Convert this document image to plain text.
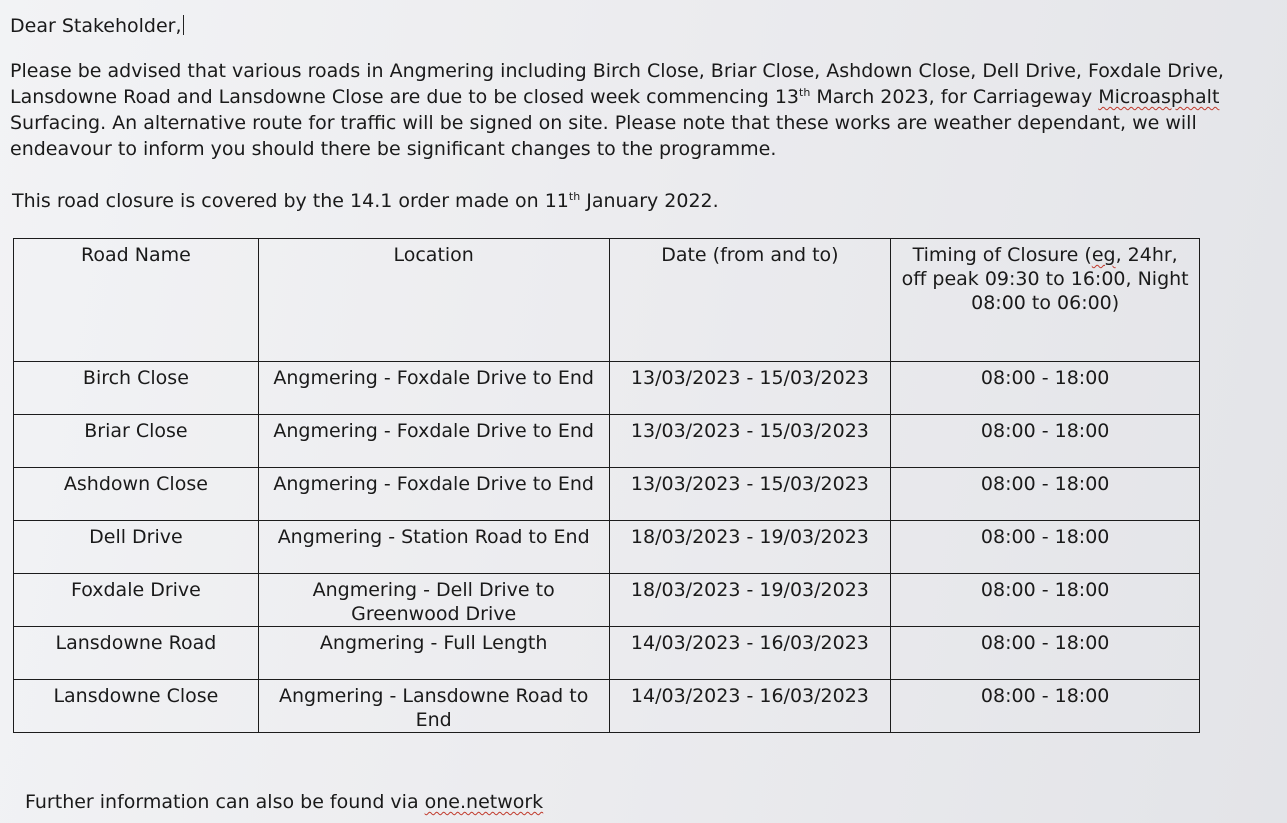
Dear Stakeholder,

Please be advised that various roads in Angmering including Birch Close, Briar Close, Ashdown Close, Dell Drive, Foxdale Drive, Lansdowne Road and Lansdowne Close are due to be closed week commencing 13th March 2023, for Carriageway Microasphalt Surfacing. An alternative route for traffic will be signed on site. Please note that these works are weather dependant, we will endeavour to inform you should there be significant changes to the programme.

This road closure is covered by the 14.1 order made on 11th January 2022.
Road Name	Location	Date (from and to)	Timing of Closure (eg, 24hr, off peak 09:30 to 16:00, Night 08:00 to 06:00)
Birch Close	Angmering - Foxdale Drive to End	13/03/2023 - 15/03/2023	08:00 - 18:00
Briar Close	Angmering - Foxdale Drive to End	13/03/2023 - 15/03/2023	08:00 - 18:00
Ashdown Close	Angmering - Foxdale Drive to End	13/03/2023 - 15/03/2023	08:00 - 18:00
Dell Drive	Angmering - Station Road to End	18/03/2023 - 19/03/2023	08:00 - 18:00
Foxdale Drive	Angmering - Dell Drive to Greenwood Drive	18/03/2023 - 19/03/2023	08:00 - 18:00
Lansdowne Road	Angmering - Full Length	14/03/2023 - 16/03/2023	08:00 - 18:00
Lansdowne Close	Angmering - Lansdowne Road to End	14/03/2023 - 16/03/2023	08:00 - 18:00
Further information can also be found via one.network
